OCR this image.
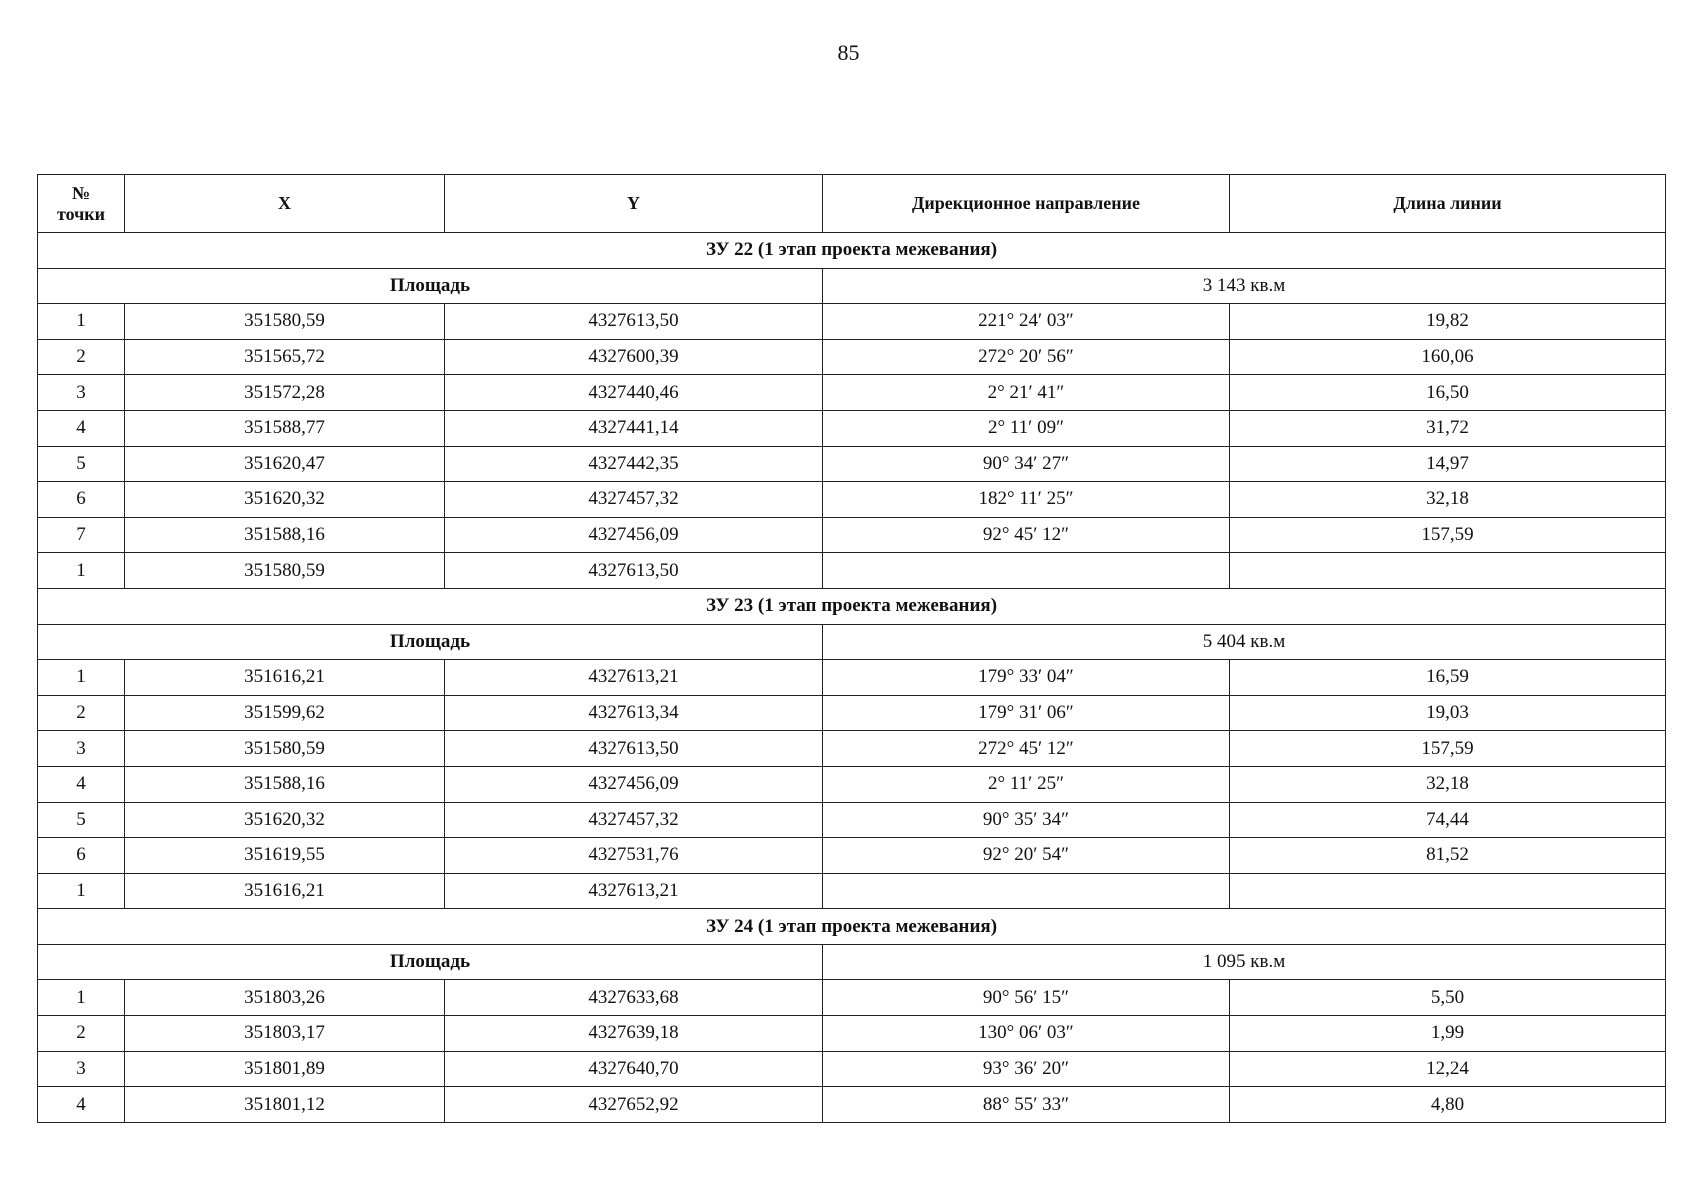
85
№
точки	X	Y	Дирекционное направление	Длина линии
ЗУ 22 (1 этап проекта межевания)				
Площадь			3 143 кв.м	
1	351580,59	4327613,50	221° 24′ 03″	19,82
2	351565,72	4327600,39	272° 20′ 56″	160,06
3	351572,28	4327440,46	2° 21′ 41″	16,50
4	351588,77	4327441,14	2° 11′ 09″	31,72
5	351620,47	4327442,35	90° 34′ 27″	14,97
6	351620,32	4327457,32	182° 11′ 25″	32,18
7	351588,16	4327456,09	92° 45′ 12″	157,59
1	351580,59	4327613,50		
ЗУ 23 (1 этап проекта межевания)				
Площадь			5 404 кв.м	
1	351616,21	4327613,21	179° 33′ 04″	16,59
2	351599,62	4327613,34	179° 31′ 06″	19,03
3	351580,59	4327613,50	272° 45′ 12″	157,59
4	351588,16	4327456,09	2° 11′ 25″	32,18
5	351620,32	4327457,32	90° 35′ 34″	74,44
6	351619,55	4327531,76	92° 20′ 54″	81,52
1	351616,21	4327613,21		
ЗУ 24 (1 этап проекта межевания)				
Площадь			1 095 кв.м	
1	351803,26	4327633,68	90° 56′ 15″	5,50
2	351803,17	4327639,18	130° 06′ 03″	1,99
3	351801,89	4327640,70	93° 36′ 20″	12,24
4	351801,12	4327652,92	88° 55′ 33″	4,80
